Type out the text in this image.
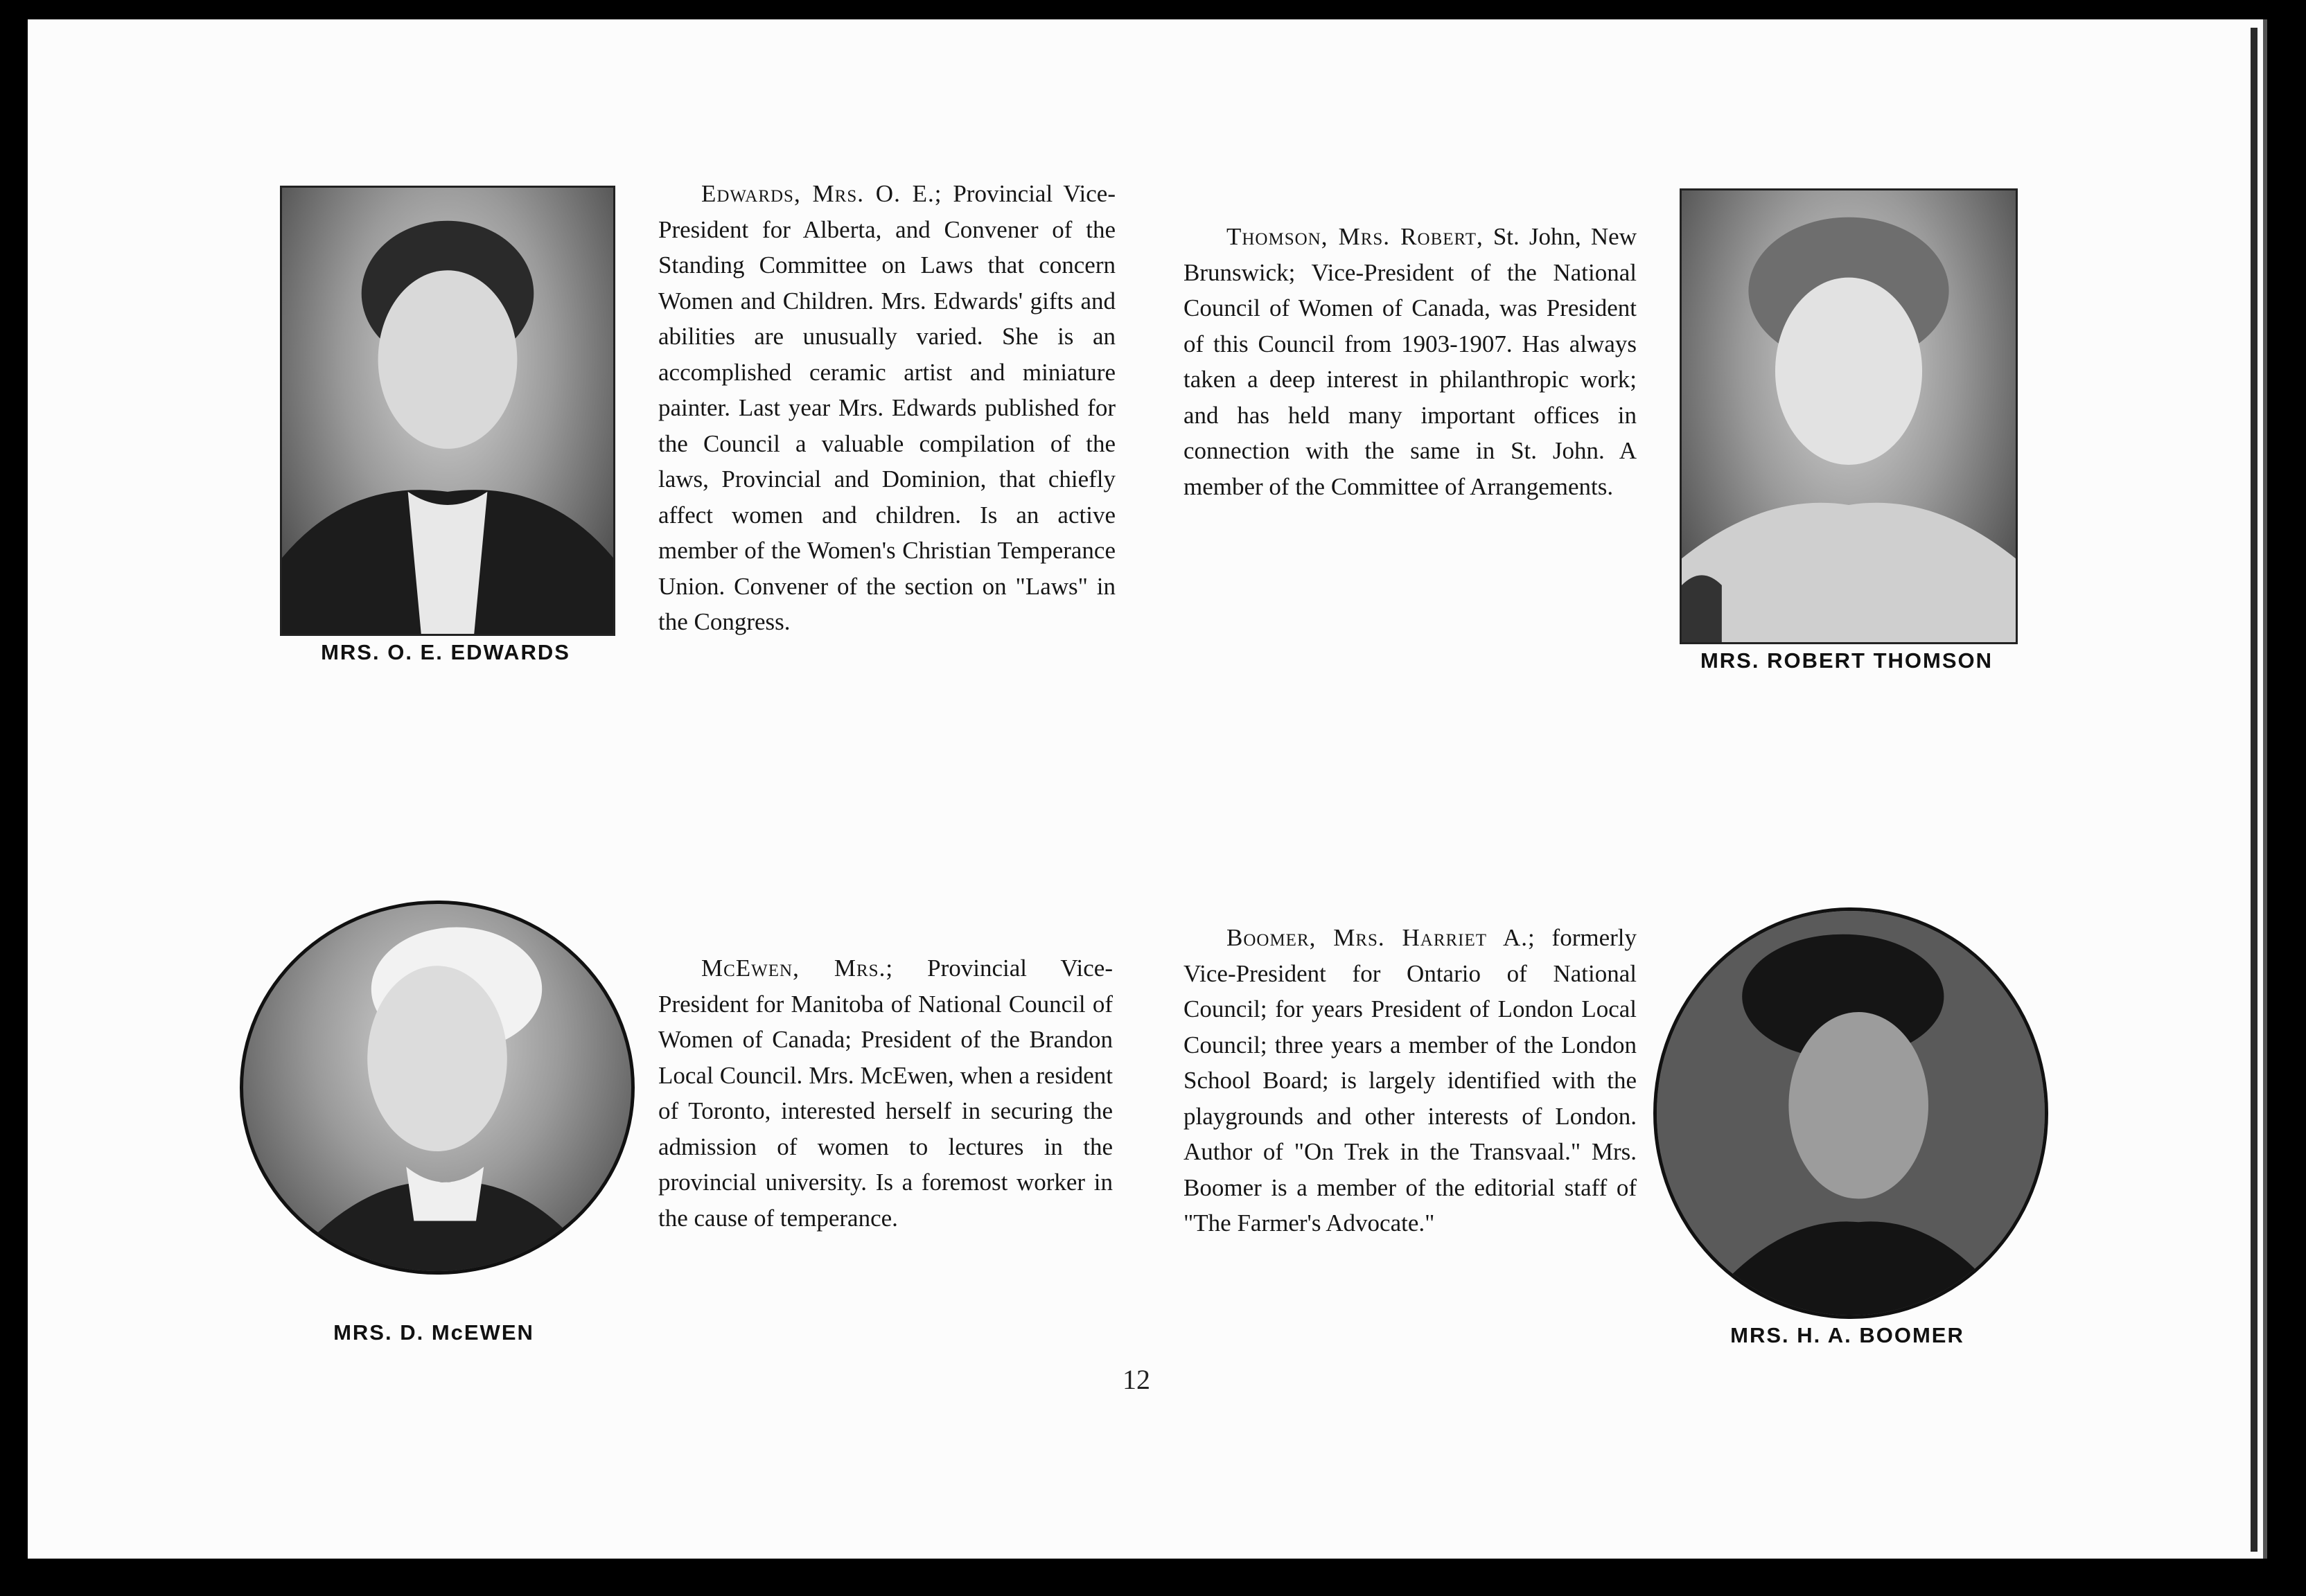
MRS. O. E. EDWARDS

Edwards, Mrs. O. E.; Provincial Vice-President for Alberta, and Convener of the Standing Committee on Laws that concern Women and Children. Mrs. Edwards' gifts and abilities are unusually varied. She is an accomplished ceramic artist and miniature painter. Last year Mrs. Edwards published for the Council a valuable compilation of the laws, Provincial and Dominion, that chiefly affect women and children. Is an active member of the Women's Christian Temperance Union. Convener of the section on "Laws" in the Congress.

Thomson, Mrs. Robert, St. John, New Brunswick; Vice-President of the National Council of Women of Canada, was President of this Council from 1903-1907. Has always taken a deep interest in philanthropic work; and has held many important offices in connection with the same in St. John. A member of the Committee of Arrangements.

MRS. ROBERT THOMSON
MRS. D. McEWEN

McEwen, Mrs.; Provincial Vice-President for Manitoba of National Council of Women of Canada; President of the Brandon Local Council. Mrs. McEwen, when a resident of Toronto, interested herself in securing the admission of women to lectures in the provincial university. Is a foremost worker in the cause of temperance.

Boomer, Mrs. Harriet A.; formerly Vice-President for Ontario of National Council; for years President of London Local Council; three years a member of the London School Board; is largely identified with the playgrounds and other interests of London. Author of "On Trek in the Transvaal." Mrs. Boomer is a member of the editorial staff of "The Farmer's Advocate."

MRS. H. A. BOOMER
12
